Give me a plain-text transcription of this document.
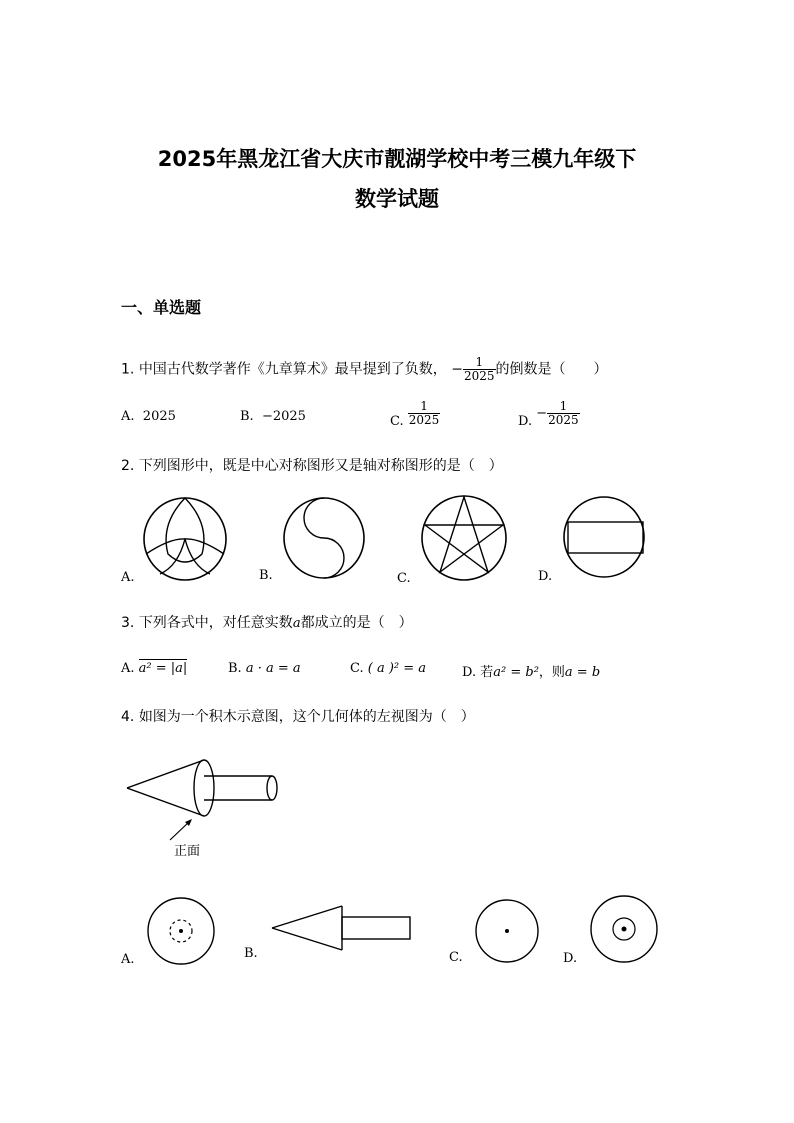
2025年黑龙江省大庆市靓湖学校中考三模九年级下
数学试题
一、单选题
1. 中国古代数学著作《九章算术》最早提到了负数， − $\frac{1}{2025}$ 的倒数是（　　）
A. 2025	B. −2025	C. $\frac{1}{2025}$	D. − $\frac{1}{2025}$
2. 下列图形中，既是中心对称图形又是轴对称图形的是（　）
A.	B.	C.	D.
3. 下列各式中，对任意实数a都成立的是（　）
A. a² = |a|	B. a · a = a	C. ( a )² = a	D. 若a² = b²，则a = b
4. 如图为一个积木示意图，这个几何体的左视图为（　）
正面
A.	B.	C.	D.
